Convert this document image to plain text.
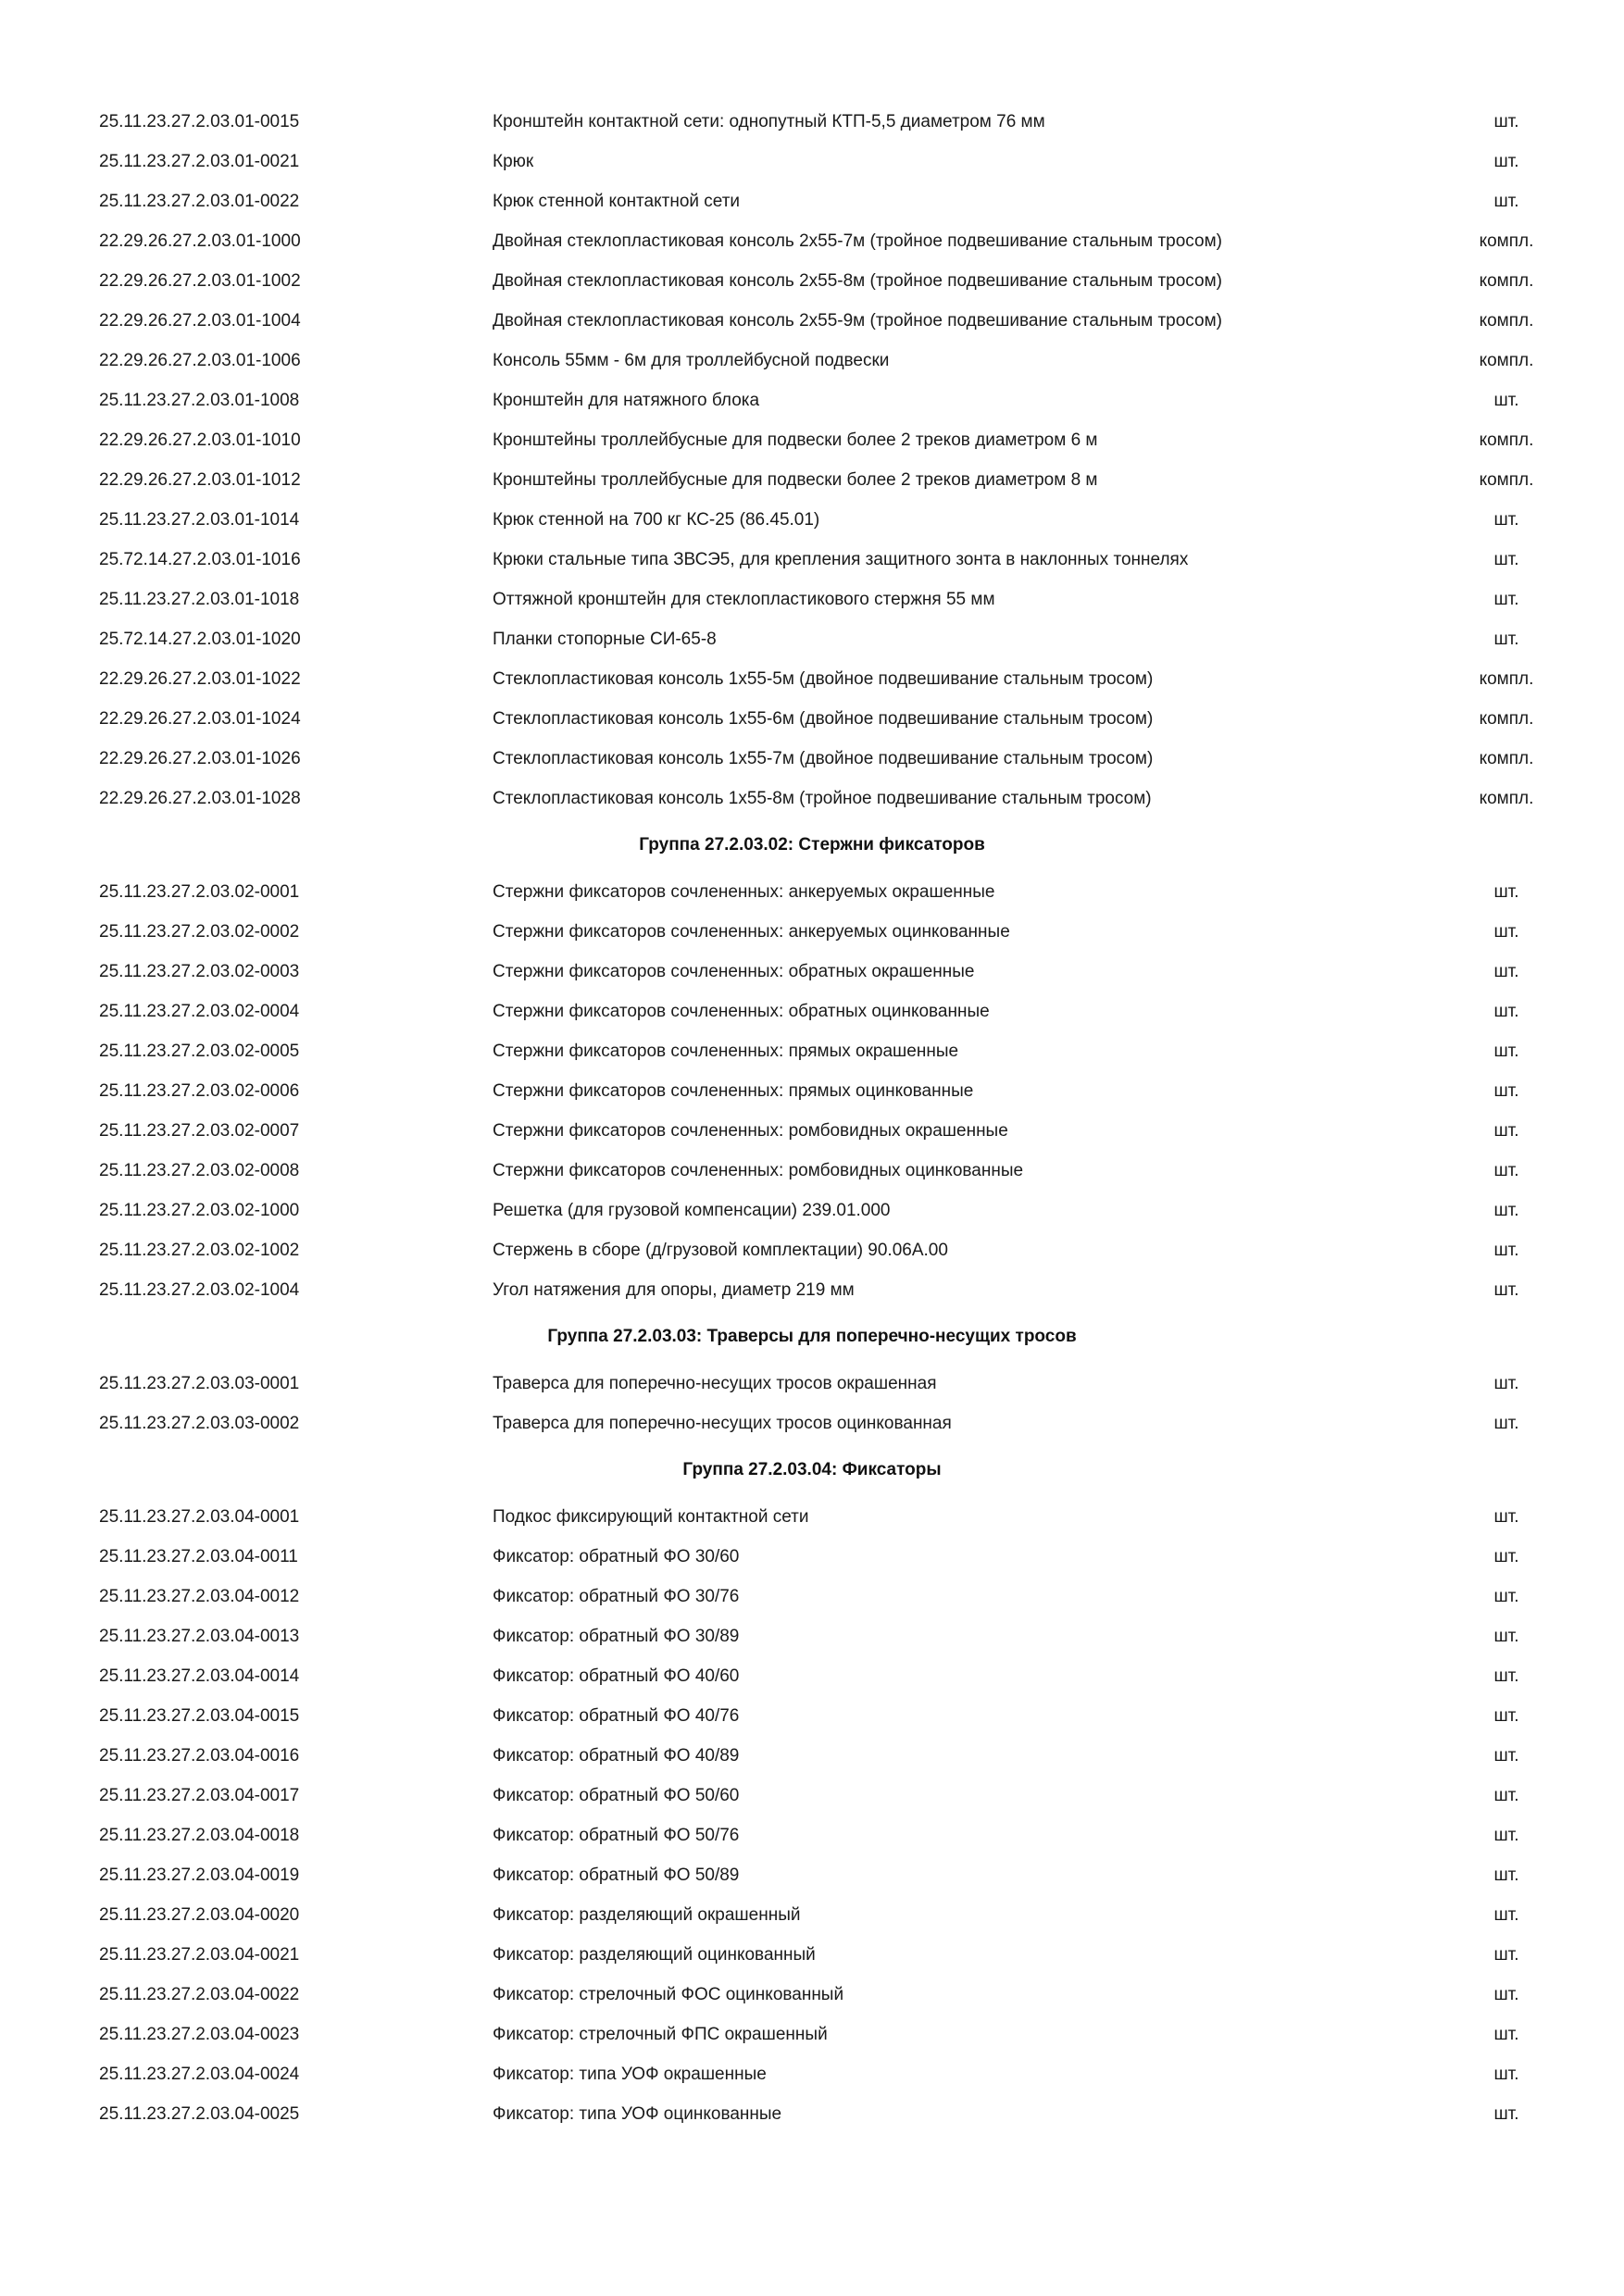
25.11.23.27.2.03.01-0015	Кронштейн контактной сети: однопутный КТП-5,5 диаметром 76 мм	шт.
25.11.23.27.2.03.01-0021	Крюк	шт.
25.11.23.27.2.03.01-0022	Крюк стенной контактной сети	шт.
22.29.26.27.2.03.01-1000	Двойная стеклопластиковая консоль 2х55-7м (тройное подвешивание стальным тросом)	компл.
22.29.26.27.2.03.01-1002	Двойная стеклопластиковая консоль 2х55-8м (тройное подвешивание стальным тросом)	компл.
22.29.26.27.2.03.01-1004	Двойная стеклопластиковая консоль 2х55-9м (тройное подвешивание стальным тросом)	компл.
22.29.26.27.2.03.01-1006	Консоль 55мм - 6м для троллейбусной подвески	компл.
25.11.23.27.2.03.01-1008	Кронштейн для натяжного блока	шт.
22.29.26.27.2.03.01-1010	Кронштейны троллейбусные для подвески более 2 треков диаметром 6 м	компл.
22.29.26.27.2.03.01-1012	Кронштейны троллейбусные для подвески более 2 треков диаметром 8 м	компл.
25.11.23.27.2.03.01-1014	Крюк стенной на 700 кг КС-25 (86.45.01)	шт.
25.72.14.27.2.03.01-1016	Крюки стальные типа ЗВСЭ5, для крепления защитного зонта в наклонных тоннелях	шт.
25.11.23.27.2.03.01-1018	Оттяжной кронштейн для стеклопластикового стержня 55 мм	шт.
25.72.14.27.2.03.01-1020	Планки стопорные СИ-65-8	шт.
22.29.26.27.2.03.01-1022	Стеклопластиковая консоль 1х55-5м (двойное подвешивание стальным тросом)	компл.
22.29.26.27.2.03.01-1024	Стеклопластиковая консоль 1х55-6м (двойное подвешивание стальным тросом)	компл.
22.29.26.27.2.03.01-1026	Стеклопластиковая консоль 1х55-7м (двойное подвешивание стальным тросом)	компл.
22.29.26.27.2.03.01-1028	Стеклопластиковая консоль 1х55-8м (тройное подвешивание стальным тросом)	компл.
Группа 27.2.03.02: Стержни фиксаторов
25.11.23.27.2.03.02-0001	Стержни фиксаторов сочлененных: анкеруемых окрашенные	шт.
25.11.23.27.2.03.02-0002	Стержни фиксаторов сочлененных: анкеруемых оцинкованные	шт.
25.11.23.27.2.03.02-0003	Стержни фиксаторов сочлененных: обратных окрашенные	шт.
25.11.23.27.2.03.02-0004	Стержни фиксаторов сочлененных: обратных оцинкованные	шт.
25.11.23.27.2.03.02-0005	Стержни фиксаторов сочлененных: прямых окрашенные	шт.
25.11.23.27.2.03.02-0006	Стержни фиксаторов сочлененных: прямых оцинкованные	шт.
25.11.23.27.2.03.02-0007	Стержни фиксаторов сочлененных: ромбовидных окрашенные	шт.
25.11.23.27.2.03.02-0008	Стержни фиксаторов сочлененных: ромбовидных оцинкованные	шт.
25.11.23.27.2.03.02-1000	Решетка (для грузовой компенсации) 239.01.000	шт.
25.11.23.27.2.03.02-1002	Стержень в сборе (д/грузовой комплектации) 90.06А.00	шт.
25.11.23.27.2.03.02-1004	Угол натяжения для опоры, диаметр 219 мм	шт.
Группа 27.2.03.03: Траверсы для поперечно-несущих тросов
25.11.23.27.2.03.03-0001	Траверса для поперечно-несущих тросов окрашенная	шт.
25.11.23.27.2.03.03-0002	Траверса для поперечно-несущих тросов оцинкованная	шт.
Группа 27.2.03.04: Фиксаторы
25.11.23.27.2.03.04-0001	Подкос фиксирующий контактной сети	шт.
25.11.23.27.2.03.04-0011	Фиксатор: обратный ФО 30/60	шт.
25.11.23.27.2.03.04-0012	Фиксатор: обратный ФО 30/76	шт.
25.11.23.27.2.03.04-0013	Фиксатор: обратный ФО 30/89	шт.
25.11.23.27.2.03.04-0014	Фиксатор: обратный ФО 40/60	шт.
25.11.23.27.2.03.04-0015	Фиксатор: обратный ФО 40/76	шт.
25.11.23.27.2.03.04-0016	Фиксатор: обратный ФО 40/89	шт.
25.11.23.27.2.03.04-0017	Фиксатор: обратный ФО 50/60	шт.
25.11.23.27.2.03.04-0018	Фиксатор: обратный ФО 50/76	шт.
25.11.23.27.2.03.04-0019	Фиксатор: обратный ФО 50/89	шт.
25.11.23.27.2.03.04-0020	Фиксатор: разделяющий окрашенный	шт.
25.11.23.27.2.03.04-0021	Фиксатор: разделяющий оцинкованный	шт.
25.11.23.27.2.03.04-0022	Фиксатор: стрелочный ФОС оцинкованный	шт.
25.11.23.27.2.03.04-0023	Фиксатор: стрелочный ФПС окрашенный	шт.
25.11.23.27.2.03.04-0024	Фиксатор: типа УОФ окрашенные	шт.
25.11.23.27.2.03.04-0025	Фиксатор: типа УОФ оцинкованные	шт.
